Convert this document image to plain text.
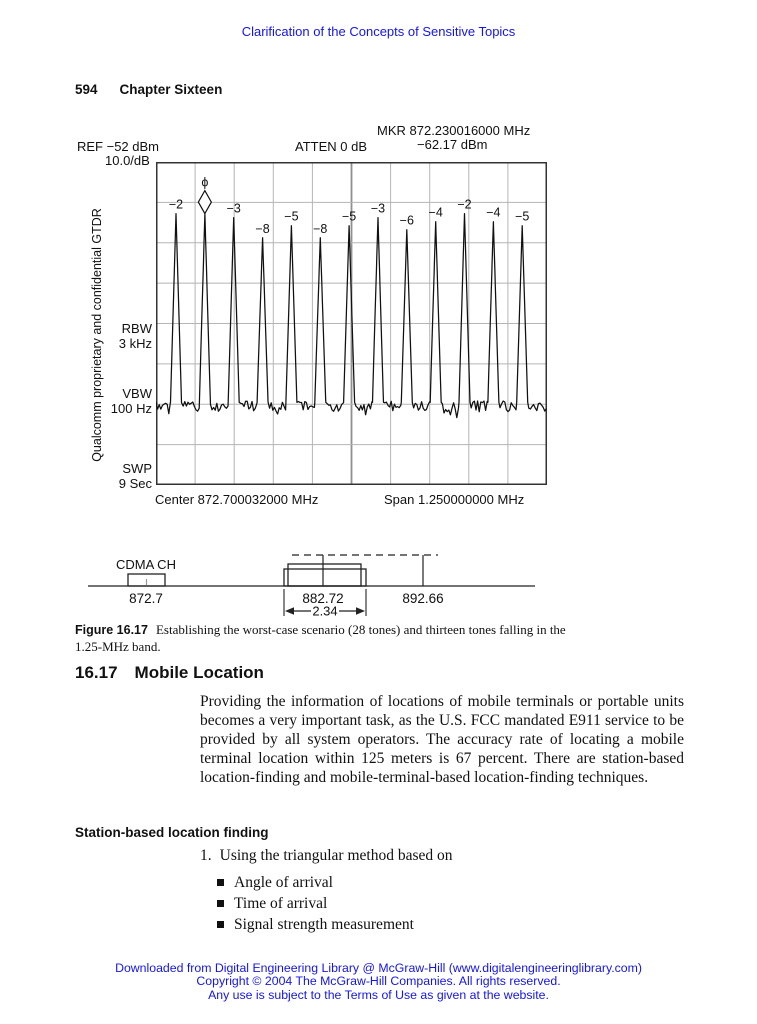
Clarification of the Concepts of Sensitive Topics
594 Chapter Sixteen
MKR 872.230016000 MHz
−62.17 dBm
REF −52 dBm
10.0/dB
ATTEN 0 dB
RBW
3 kHz
VBW
100 Hz
SWP
9 Sec
Qualcomm proprietary and confidential GTDR
−2
ϕ
−3
−8
−5
−8
−5
−3
−6
−4
−2
−4 −5
Center 872.700032000 MHz	Span 1.250000000 MHz
CDMA CH
872.7	882.72	892.66
2.34
Figure 16.17 Establishing the worst-case scenario (28 tones) and thirteen tones falling in the 1.25-MHz band.
16.17 Mobile Location
Providing the information of locations of mobile terminals or portable units becomes a very important task, as the U.S. FCC mandated E911 service to be provided by all system operators. The accuracy rate of locating a mobile terminal location within 125 meters is 67 percent. There are station-based location-finding and mobile-terminal-based location-finding techniques.
Station-based location finding
1. Using the triangular method based on
Angle of arrival
Time of arrival
Signal strength measurement
Downloaded from Digital Engineering Library @ McGraw-Hill (www.digitalengineeringlibrary.com)
Copyright © 2004 The McGraw-Hill Companies. All rights reserved.
Any use is subject to the Terms of Use as given at the website.
